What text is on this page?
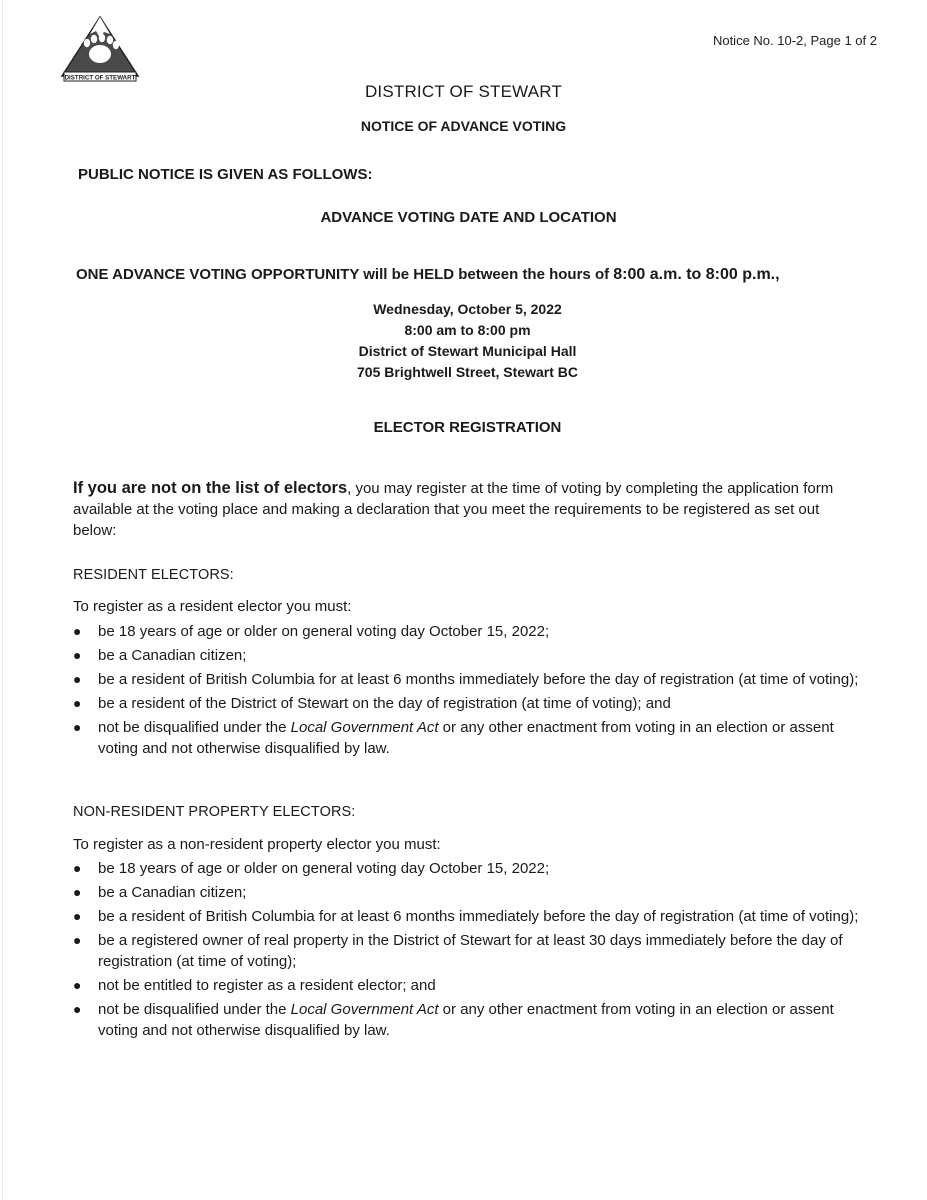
DISTRICT OF STEWART
Notice No. 10-2, Page 1 of 2
DISTRICT OF STEWART
NOTICE OF ADVANCE VOTING
PUBLIC NOTICE IS GIVEN AS FOLLOWS:
ADVANCE VOTING DATE AND LOCATION
ONE ADVANCE VOTING OPPORTUNITY will be HELD between the hours of 8:00 a.m. to 8:00 p.m.,
Wednesday, October 5, 2022
8:00 am to 8:00 pm
District of Stewart Municipal Hall
705 Brightwell Street, Stewart BC
ELECTOR REGISTRATION
If you are not on the list of electors, you may register at the time of voting by completing the application form available at the voting place and making a declaration that you meet the requirements to be registered as set out below:
RESIDENT ELECTORS:
To register as a resident elector you must:
● be 18 years of age or older on general voting day October 15, 2022;
● be a Canadian citizen;
● be a resident of British Columbia for at least 6 months immediately before the day of registration (at time of voting);
● be a resident of the District of Stewart on the day of registration (at time of voting); and
● not be disqualified under the Local Government Act or any other enactment from voting in an election or assent voting and not otherwise disqualified by law.
NON-RESIDENT PROPERTY ELECTORS:
To register as a non-resident property elector you must:
● be 18 years of age or older on general voting day October 15, 2022;
● be a Canadian citizen;
● be a resident of British Columbia for at least 6 months immediately before the day of registration (at time of voting);
● be a registered owner of real property in the District of Stewart for at least 30 days immediately before the day of registration (at time of voting);
● not be entitled to register as a resident elector; and
● not be disqualified under the Local Government Act or any other enactment from voting in an election or assent voting and not otherwise disqualified by law.
